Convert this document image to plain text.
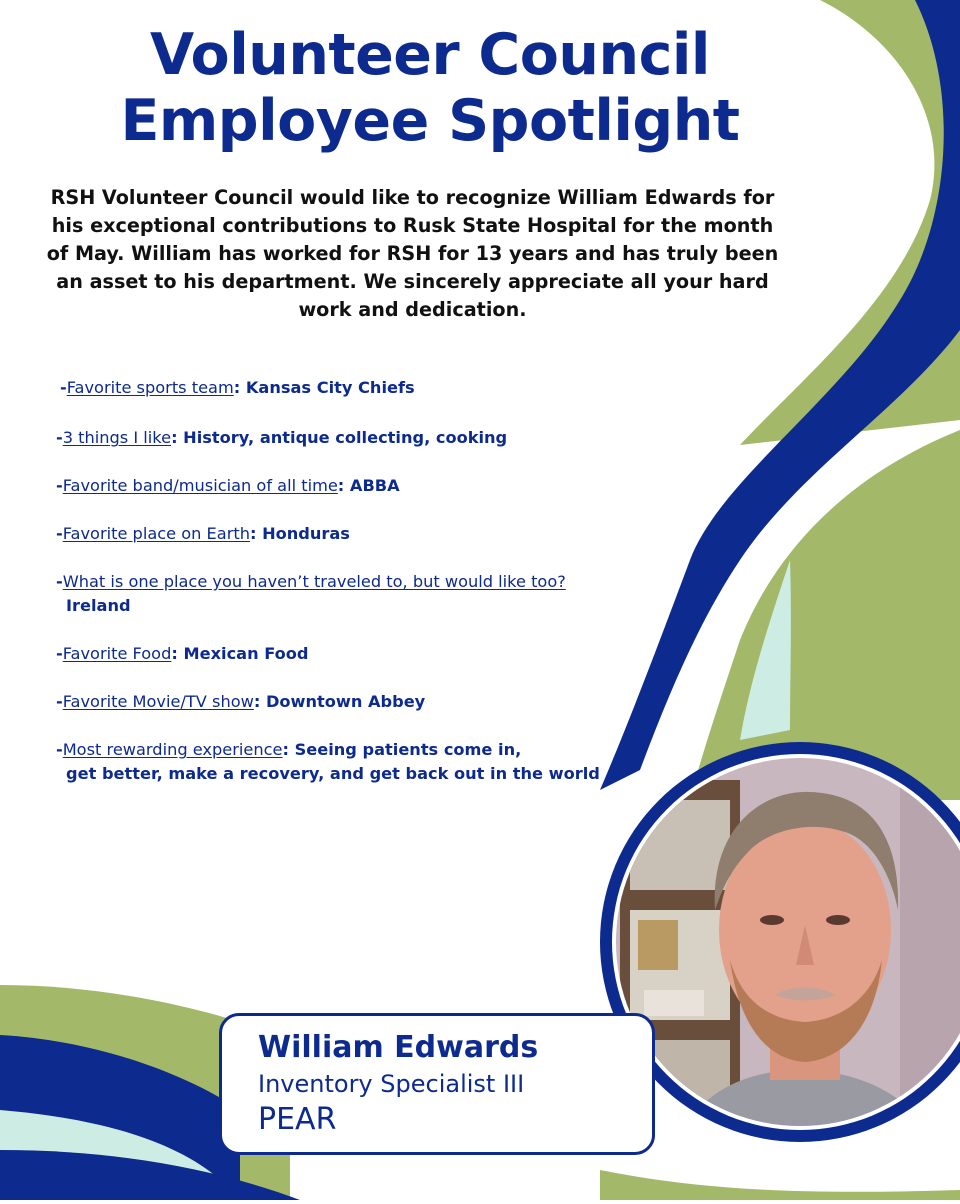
Volunteer Council
Employee Spotlight

RSH Volunteer Council would like to recognize William Edwards for his exceptional contributions to Rusk State Hospital for the month of May. William has worked for RSH for 13 years and has truly been an asset to his department. We sincerely appreciate all your hard work and dedication.

-Favorite sports team: Kansas City Chiefs
-3 things I like: History, antique collecting, cooking
-Favorite band/musician of all time: ABBA
-Favorite place on Earth: Honduras
-What is one place you haven’t traveled to, but would like too?
Ireland
-Favorite Food: Mexican Food
-Favorite Movie/TV show: Downtown Abbey
-Most rewarding experience: Seeing patients come in,
get better, make a recovery, and get back out in the world
William Edwards
Inventory Specialist III
PEAR
